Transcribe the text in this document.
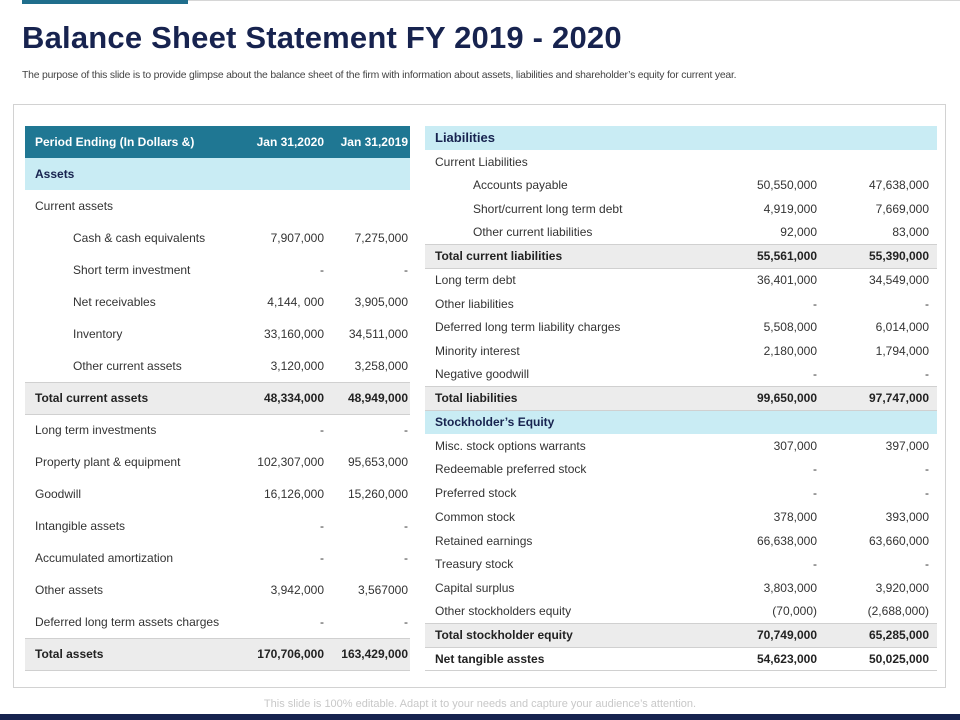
Balance Sheet Statement FY 2019 - 2020

The purpose of this slide is to provide glimpse about the balance sheet of the firm with information about assets, liabilities and shareholder’s equity for current year.

Period Ending (In Dollars &)	Jan 31,2020	Jan 31,2019
Assets		
Current assets		
Cash & cash equivalents	7,907,000	7,275,000
Short term investment	-	-
Net receivables	4,144, 000	3,905,000
Inventory	33,160,000	34,511,000
Other current assets	3,120,000	3,258,000
Total current assets	48,334,000	48,949,000
Long term investments	-	-
Property plant & equipment	102,307,000	95,653,000
Goodwill	16,126,000	15,260,000
Intangible assets	-	-
Accumulated amortization	-	-
Other assets	3,942,000	3,567000
Deferred long term assets charges	-	-
Total assets	170,706,000	163,429,000
Liabilities		
Current Liabilities		
Accounts payable	50,550,000	47,638,000
Short/current long term debt	4,919,000	7,669,000
Other current liabilities	92,000	83,000
Total current liabilities	55,561,000	55,390,000
Long term debt	36,401,000	34,549,000
Other liabilities	-	-
Deferred long term liability charges	5,508,000	6,014,000
Minority interest	2,180,000	1,794,000
Negative goodwill	-	-
Total liabilities	99,650,000	97,747,000
Stockholder’s Equity		
Misc. stock options warrants	307,000	397,000
Redeemable preferred stock	-	-
Preferred stock	-	-
Common stock	378,000	393,000
Retained earnings	66,638,000	63,660,000
Treasury stock	-	-
Capital surplus	3,803,000	3,920,000
Other stockholders equity	(70,000)	(2,688,000)
Total stockholder equity	70,749,000	65,285,000
Net tangible asstes	54,623,000	50,025,000

This slide is 100% editable. Adapt it to your needs and capture your audience’s attention.
